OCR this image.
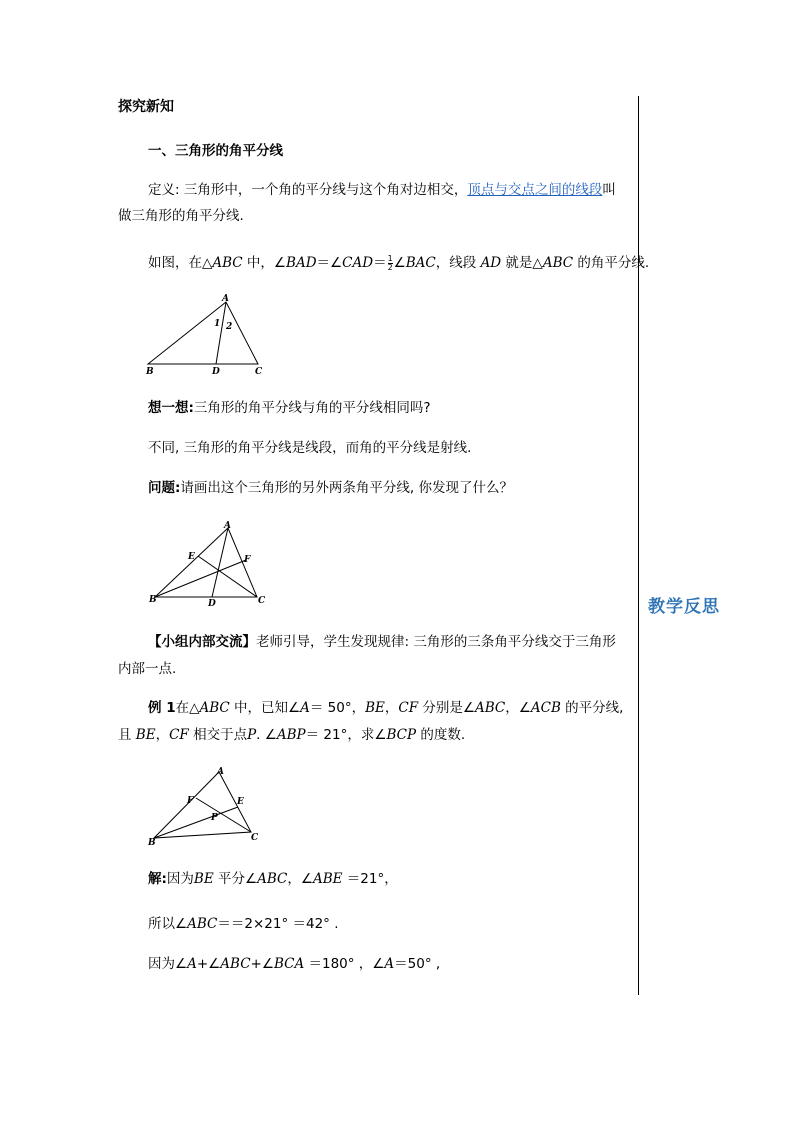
教学反思
探究新知
一、三角形的角平分线
定义: 三角形中，一个角的平分线与这个角对边相交，顶点与交点之间的线段叫
做三角形的角平分线.
如图，在△ABC 中，∠BAD＝∠CAD＝ $\frac{1}{2}$ ∠BAC，线段 AD 就是△ABC 的角平分线.
A
1 2
B	D	C
想一想:三角形的角平分线与角的平分线相同吗?
不同, 三角形的角平分线是线段，而角的平分线是射线.
问题:请画出这个三角形的另外两条角平分线, 你发现了什么？
A
E	F
B	D	C
【小组内部交流】老师引导，学生发现规律: 三角形的三条角平分线交于三角形
内部一点.
例 1在△ABC 中，已知∠A＝ 50°，BE，CF 分别是∠ABC，∠ACB 的平分线,
且 BE，CF 相交于点P. ∠ABP＝ 21°，求∠BCP 的度数.
A
F	E
P
B	C
解:因为BE 平分∠ABC，∠ABE ＝21°，
所以∠ABC＝＝2×21° ＝42° .
因为∠A+∠ABC+∠BCA ＝180° ，∠A＝50° ,
